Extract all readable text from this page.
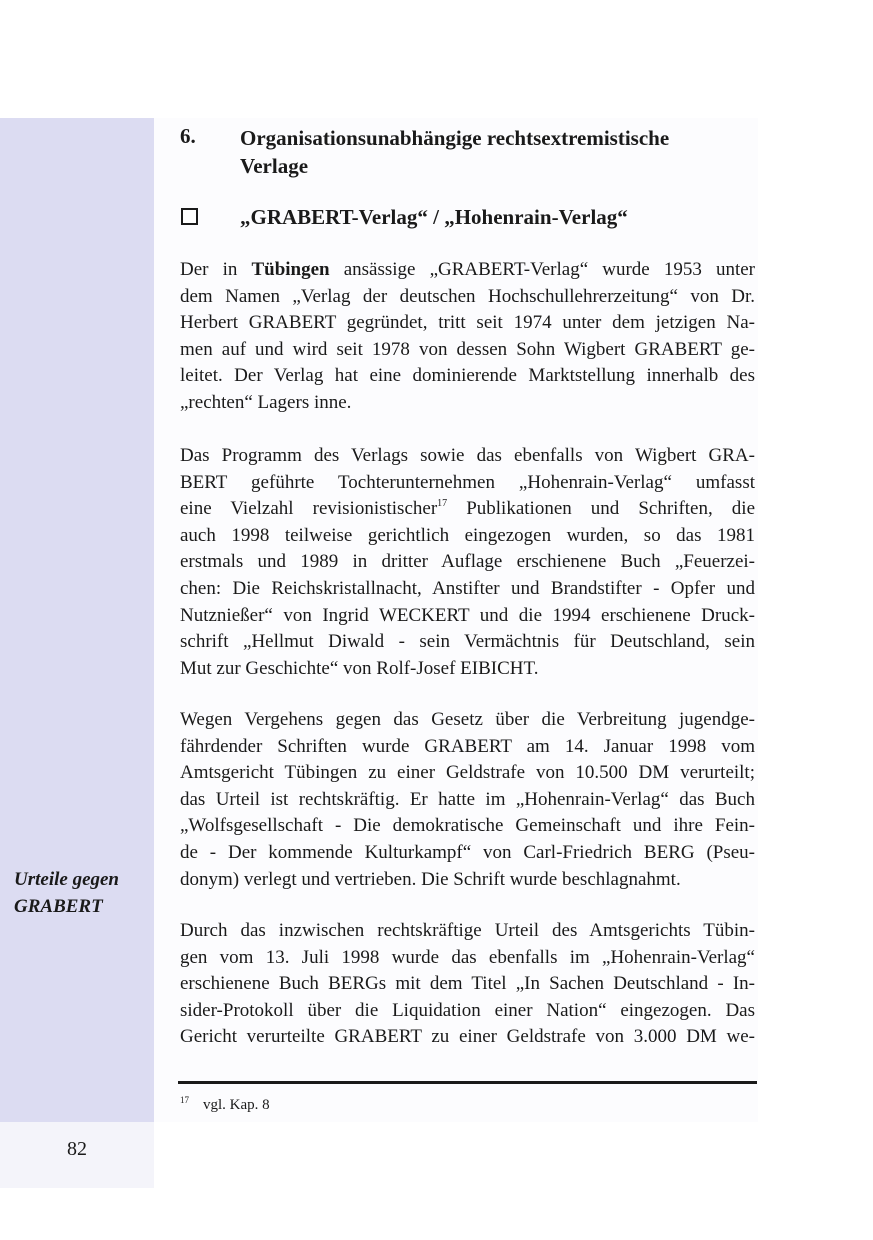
6. Organisationsunabhängige rechtsextremistische
Verlage
„GRABERT-Verlag“ / „Hohenrain-Verlag“
Der in Tübingen ansässige „GRABERT-Verlag“ wurde 1953 unter
dem Namen „Verlag der deutschen Hochschullehrerzeitung“ von Dr.
Herbert GRABERT gegründet, tritt seit 1974 unter dem jetzigen Na-
men auf und wird seit 1978 von dessen Sohn Wigbert GRABERT ge-
leitet. Der Verlag hat eine dominierende Marktstellung innerhalb des
„rechten“ Lagers inne.
Das Programm des Verlags sowie das ebenfalls von Wigbert GRA-
BERT geführte Tochterunternehmen „Hohenrain-Verlag“ umfasst
eine Vielzahl revisionistischer$^{17}$ Publikationen und Schriften, die
auch 1998 teilweise gerichtlich eingezogen wurden, so das 1981
erstmals und 1989 in dritter Auflage erschienene Buch „Feuerzei-
chen: Die Reichskristallnacht, Anstifter und Brandstifter - Opfer und
Nutznießer“ von Ingrid WECKERT und die 1994 erschienene Druck-
schrift „Hellmut Diwald - sein Vermächtnis für Deutschland, sein
Mut zur Geschichte“ von Rolf-Josef EIBICHT.
Wegen Vergehens gegen das Gesetz über die Verbreitung jugendge-
fährdender Schriften wurde GRABERT am 14. Januar 1998 vom
Amtsgericht Tübingen zu einer Geldstrafe von 10.500 DM verurteilt;
das Urteil ist rechtskräftig. Er hatte im „Hohenrain-Verlag“ das Buch
„Wolfsgesellschaft - Die demokratische Gemeinschaft und ihre Fein-
de - Der kommende Kulturkampf“ von Carl-Friedrich BERG (Pseu-
donym) verlegt und vertrieben. Die Schrift wurde beschlagnahmt.
Urteile gegen
GRABERT
Durch das inzwischen rechtskräftige Urteil des Amtsgerichts Tübin-
gen vom 13. Juli 1998 wurde das ebenfalls im „Hohenrain-Verlag“
erschienene Buch BERGs mit dem Titel „In Sachen Deutschland - In-
sider-Protokoll über die Liquidation einer Nation“ eingezogen. Das
Gericht verurteilte GRABERT zu einer Geldstrafe von 3.000 DM we-
$^{17}$ vgl. Kap. 8
82
